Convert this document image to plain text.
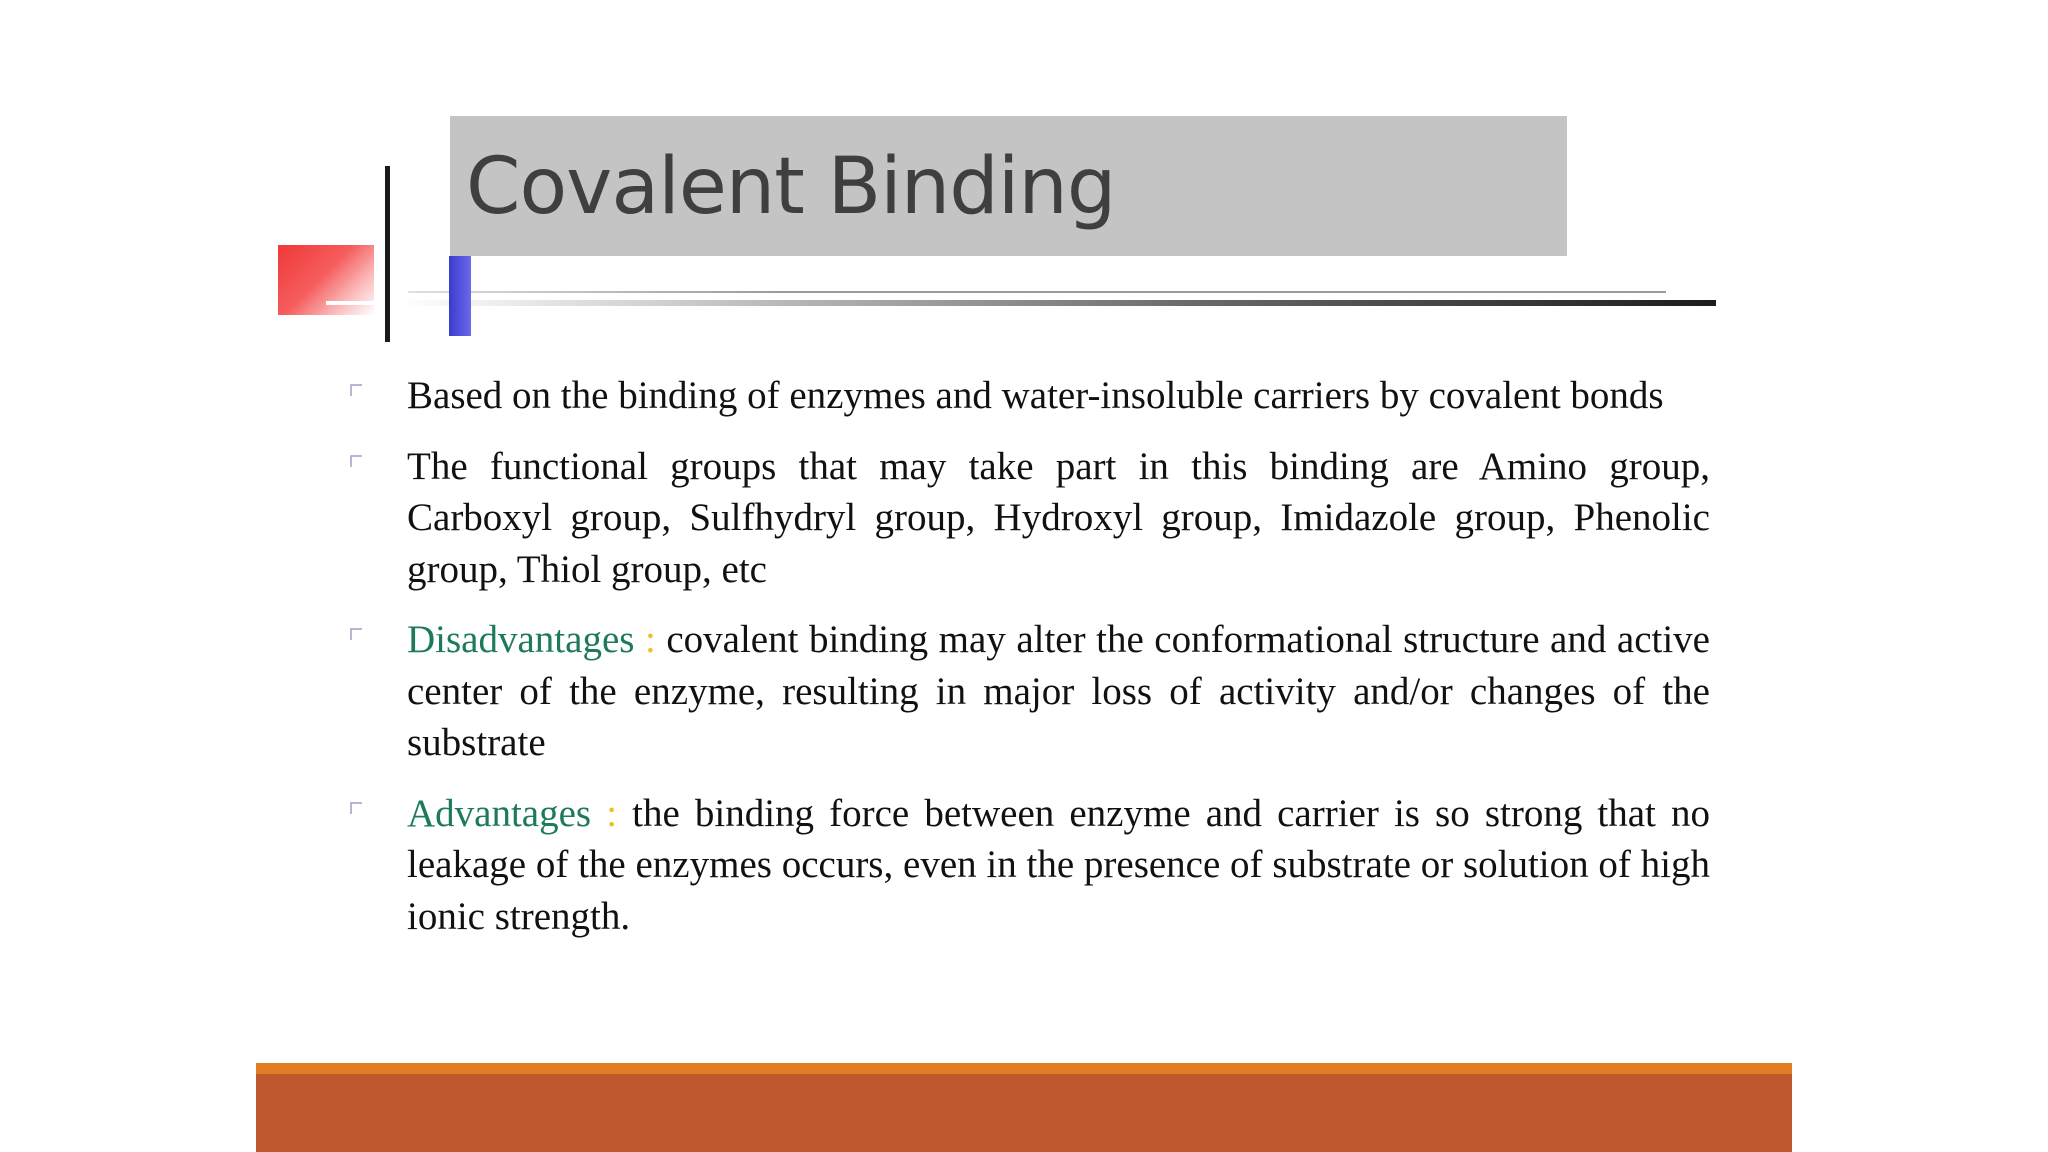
Covalent Binding
Based on the binding of enzymes and water-insoluble carriers by covalent bonds
The functional groups that may take part in this binding are Amino group, Carboxyl group, Sulfhydryl group, Hydroxyl group, Imidazole group, Phenolic group, Thiol group, etc
Disadvantages : covalent binding may alter the conformational structure and active center of the enzyme, resulting in major loss of activity and/or changes of the substrate
Advantages : the binding force between enzyme and carrier is so strong that no leakage of the enzymes occurs, even in the presence of substrate or solution of high ionic strength.
